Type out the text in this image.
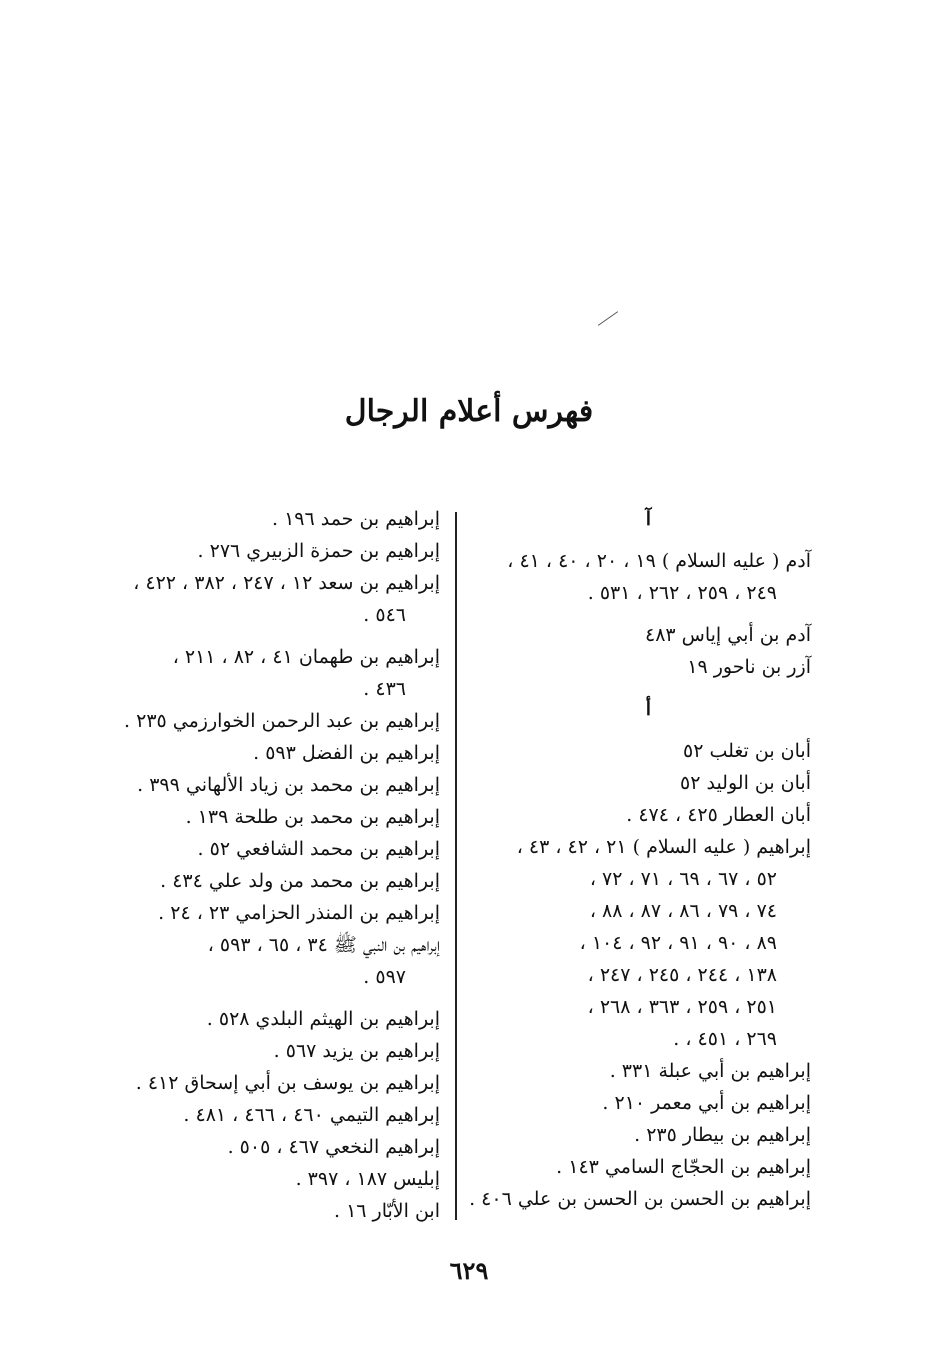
فهرس أعلام الرجال
آ
آدم ( عليه السلام ) ١٩ ، ٢٠ ، ٤٠ ، ٤١ ،
٢٤٩ ، ٢٥٩ ، ٢٦٢ ، ٥٣١ .
آدم بن أبي إياس ٤٨٣
آزر بن ناحور ١٩
أ
أبان بن تغلب ٥٢
أبان بن الوليد ٥٢
أبان العطار ٤٢٥ ، ٤٧٤ .
إبراهيم ( عليه السلام ) ٢١ ، ٤٢ ، ٤٣ ،
٥٢ ، ٦٧ ، ٦٩ ، ٧١ ، ٧٢ ،
٧٤ ، ٧٩ ، ٨٦ ، ٨٧ ، ٨٨ ،
٨٩ ، ٩٠ ، ٩١ ، ٩٢ ، ١٠٤ ،
١٣٨ ، ٢٤٤ ، ٢٤٥ ، ٢٤٧ ،
٢٥١ ، ٢٥٩ ، ٣٦٣ ، ٢٦٨ ،
٢٦٩ ، ٤٥١ ، .
إبراهيم بن أبي عبلة ٣٣١ .
إبراهيم بن أبي معمر ٢١٠ .
إبراهيم بن بيطار ٢٣٥ .
إبراهيم بن الحجّاج السامي ١٤٣ .
إبراهيم بن الحسن بن الحسن بن علي ٤٠٦ .
إبراهيم بن حمد ١٩٦ .
إبراهيم بن حمزة الزبيري ٢٧٦ .
إبراهيم بن سعد ١٢ ، ٢٤٧ ، ٣٨٢ ، ٤٢٢ ،
٥٤٦ .
إبراهيم بن طهمان ٤١ ، ٨٢ ، ٢١١ ،
٤٣٦ .
إبراهيم بن عبد الرحمن الخوارزمي ٢٣٥ .
إبراهيم بن الفضل ٥٩٣ .
إبراهيم بن محمد بن زياد الألهاني ٣٩٩ .
إبراهيم بن محمد بن طلحة ١٣٩ .
إبراهيم بن محمد الشافعي ٥٢ .
إبراهيم بن محمد من ولد علي ٤٣٤ .
إبراهيم بن المنذر الحزامي ٢٣ ، ٢٤ .
إبراهيم بن النبي ﷺ ٣٤ ، ٦٥ ، ٥٩٣ ،
٥٩٧ .
إبراهيم بن الهيثم البلدي ٥٢٨ .
إبراهيم بن يزيد ٥٦٧ .
إبراهيم بن يوسف بن أبي إسحاق ٤١٢ .
إبراهيم التيمي ٤٦٠ ، ٤٦٦ ، ٤٨١ .
إبراهيم النخعي ٤٦٧ ، ٥٠٥ .
إبليس ١٨٧ ، ٣٩٧ .
ابن الأبّار ١٦ .
٦٢٩
